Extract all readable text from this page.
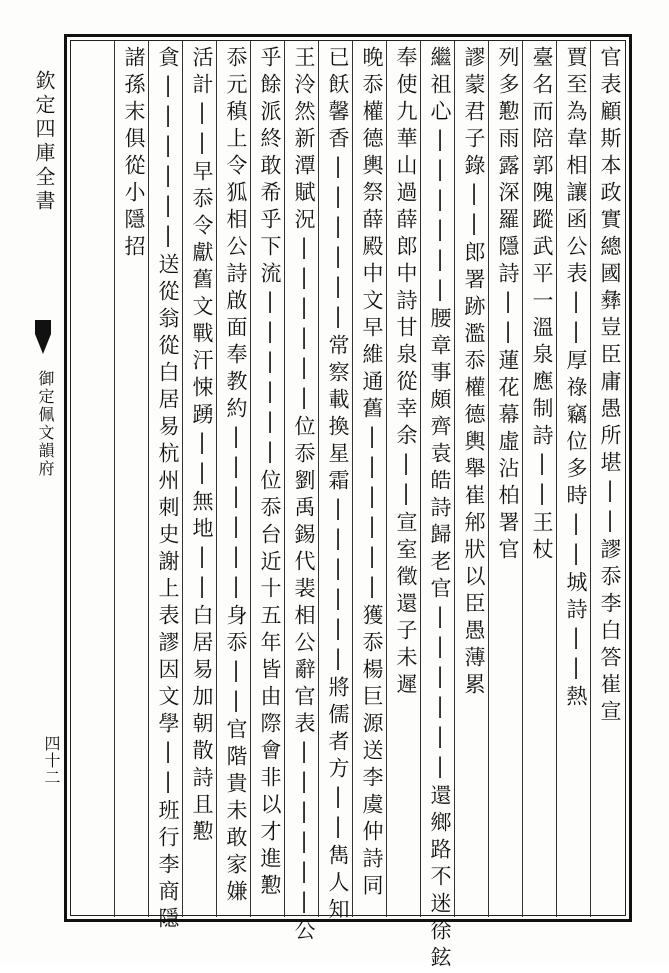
官表顧斯本政實總國彝豈臣庸愚所堪||謬忝李白答崔宣
賈至為韋相讓函公表||厚祿竊位多時||城詩||熱
臺名而陪郭隗蹤武平一溫泉應制詩||王杖
列多懃雨露深羅隱詩||蓮花幕虛沾柏署官
謬蒙君子錄||郎署跡濫忝權德輿舉崔𨚕狀以臣愚薄累
繼祖心||||||腰章事頗齊袁皓詩歸老官||||||還鄉路不迷徐鉉
奉使九華山過薛郎中詩甘泉從幸余||宣室徵還子未遲
晚忝權德輿祭薛殿中文早維通舊||||||獲忝楊巨源送李虞仲詩同
已飫馨香||||||常察載換星霜||||||將儒者方||雋人知
王泠然新潭賦況||||||位忝劉禹錫代裴相公辭官表||||||公
乎餘派終敢希乎下流||||||位忝台近十五年皆由際會非以才進懃
忝元稹上令狐相公詩啟面奉教約||||||身忝||官階貴未敢家嫌
活計||早忝令獻舊文戰汗悚踴||無地||白居易加朝散詩且懃
貪||||||送從翁從白居易杭州刺史謝上表謬因文學||班行李商隱
諸孫末俱從小隱招
欽定四庫全書
御定佩文韻府
四十二
